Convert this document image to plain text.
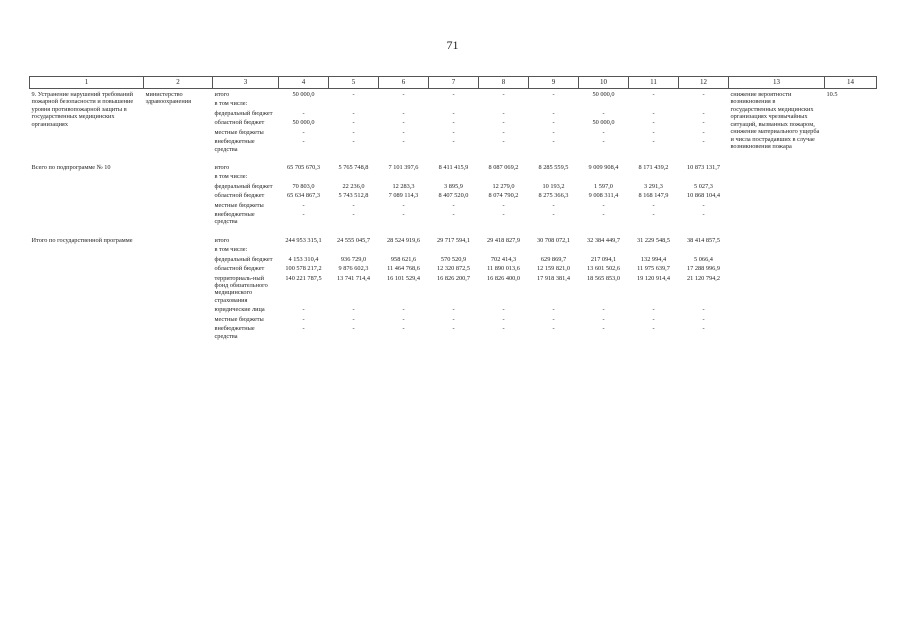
71
1	2	3	4	5	6	7	8	9	10	11	12	13	14
9. Устранение нарушений требований пожарной безопасности и повышение уровня противопожарной защиты в государственных медицинских организациях	министерство здравоохранения	итого	50 000,0	-	-	-	-	-	50 000,0	-	-	снижение вероятности возникновения в государственных медицинских организациях чрезвычайных ситуаций, вызванных пожаром, снижение материального ущерба и числа пострадавших в случае возникновения пожара	10.5
		в том числе:											
		федеральный бюджет	-	-	-	-	-	-	-	-	-		
		областной бюджет	50 000,0	-	-	-	-	-	50 000,0	-	-		
		местные бюджеты	-	-	-	-	-	-	-	-	-		
		внебюджетные средства	-	-	-	-	-	-	-	-	-		

Всего по подпрограмме № 10		итого	65 705 670,3	5 765 748,8	7 101 397,6	8 411 415,9	8 087 069,2	8 285 559,5	9 009 908,4	8 171 439,2	10 873 131,7		
		в том числе:											
		федеральный бюджет	70 803,0	22 236,0	12 283,3	3 895,9	12 279,0	10 193,2	1 597,0	3 291,3	5 027,3		
		областной бюджет	65 634 867,3	5 743 512,8	7 089 114,3	8 407 520,0	8 074 790,2	8 275 366,3	9 008 311,4	8 168 147,9	10 868 104,4		
		местные бюджеты	-	-	-	-	-	-	-	-	-		
		внебюджетные средства	-	-	-	-	-	-	-	-	-		

Итого по государственной программе		итого	244 953 315,1	24 555 045,7	28 524 919,6	29 717 594,1	29 418 827,9	30 708 072,1	32 384 449,7	31 229 548,5	38 414 857,5		
		в том числе:											
		федеральный бюджет	4 153 310,4	936 729,0	958 621,6	570 520,9	702 414,3	629 869,7	217 094,1	132 994,4	5 066,4		
		областной бюджет	100 578 217,2	9 876 602,3	11 464 768,6	12 320 872,5	11 890 013,6	12 159 821,0	13 601 502,6	11 975 639,7	17 288 996,9		
		территориаль-ный фонд обязательного медицинского страхования	140 221 787,5	13 741 714,4	16 101 529,4	16 826 200,7	16 826 400,0	17 918 381,4	18 565 853,0	19 120 914,4	21 120 794,2		
		юридические лица	-	-	-	-	-	-	-	-	-		
		местные бюджеты	-	-	-	-	-	-	-	-	-		
		внебюджетные средства	-	-	-	-	-	-	-	-	-		
